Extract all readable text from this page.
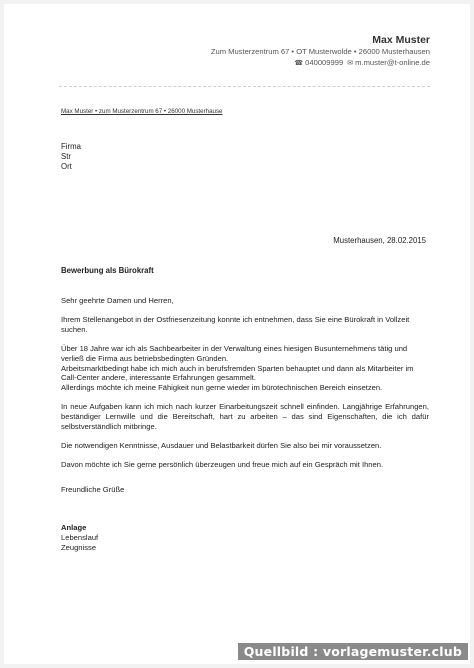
Max Muster
Zum Musterzentrum 67 • OT Musterwolde • 26000 Musterhausen
☎ 040009999 ✉ m.muster@t-online.de
Max Muster • zum Musterzentrum 67 • 26000 Musterhause
Firma
Str
Ort
Musterhausen, 28.02.2015
Bewerbung als Bürokraft

Sehr geehrte Damen und Herren,

Ihrem Stellenangebot in der Ostfriesenzeitung konnte ich entnehmen, dass Sie eine Bürokraft in Vollzeit suchen.

Über 18 Jahre war ich als Sachbearbeiter in der Verwaltung eines hiesigen Busunternehmens tätig und verließ die Firma aus betriebsbedingten Gründen.
Arbeitsmarktbedingt habe ich mich auch in berufsfremden Sparten behauptet und dann als Mitarbeiter im Call-Center andere, interessante Erfahrungen gesammelt.
Allerdings möchte ich meine Fähigkeit nun gerne wieder im bürotechnischen Bereich einsetzen.

In neue Aufgaben kann ich mich nach kurzer Einarbeitungszeit schnell einfinden. Langjährige Erfahrungen, beständiger Lernwille und die Bereitschaft, hart zu arbeiten – das sind Eigenschaften, die ich dafür selbstverständlich mitbringe.

Die notwendigen Kenntnisse, Ausdauer und Belastbarkeit dürfen Sie also bei mir voraussetzen.

Davon möchte ich Sie gerne persönlich überzeugen und freue mich auf ein Gespräch mit Ihnen.

Freundliche Grüße
Anlage
Lebenslauf
Zeugnisse
Quellbild : vorlagemuster.club
